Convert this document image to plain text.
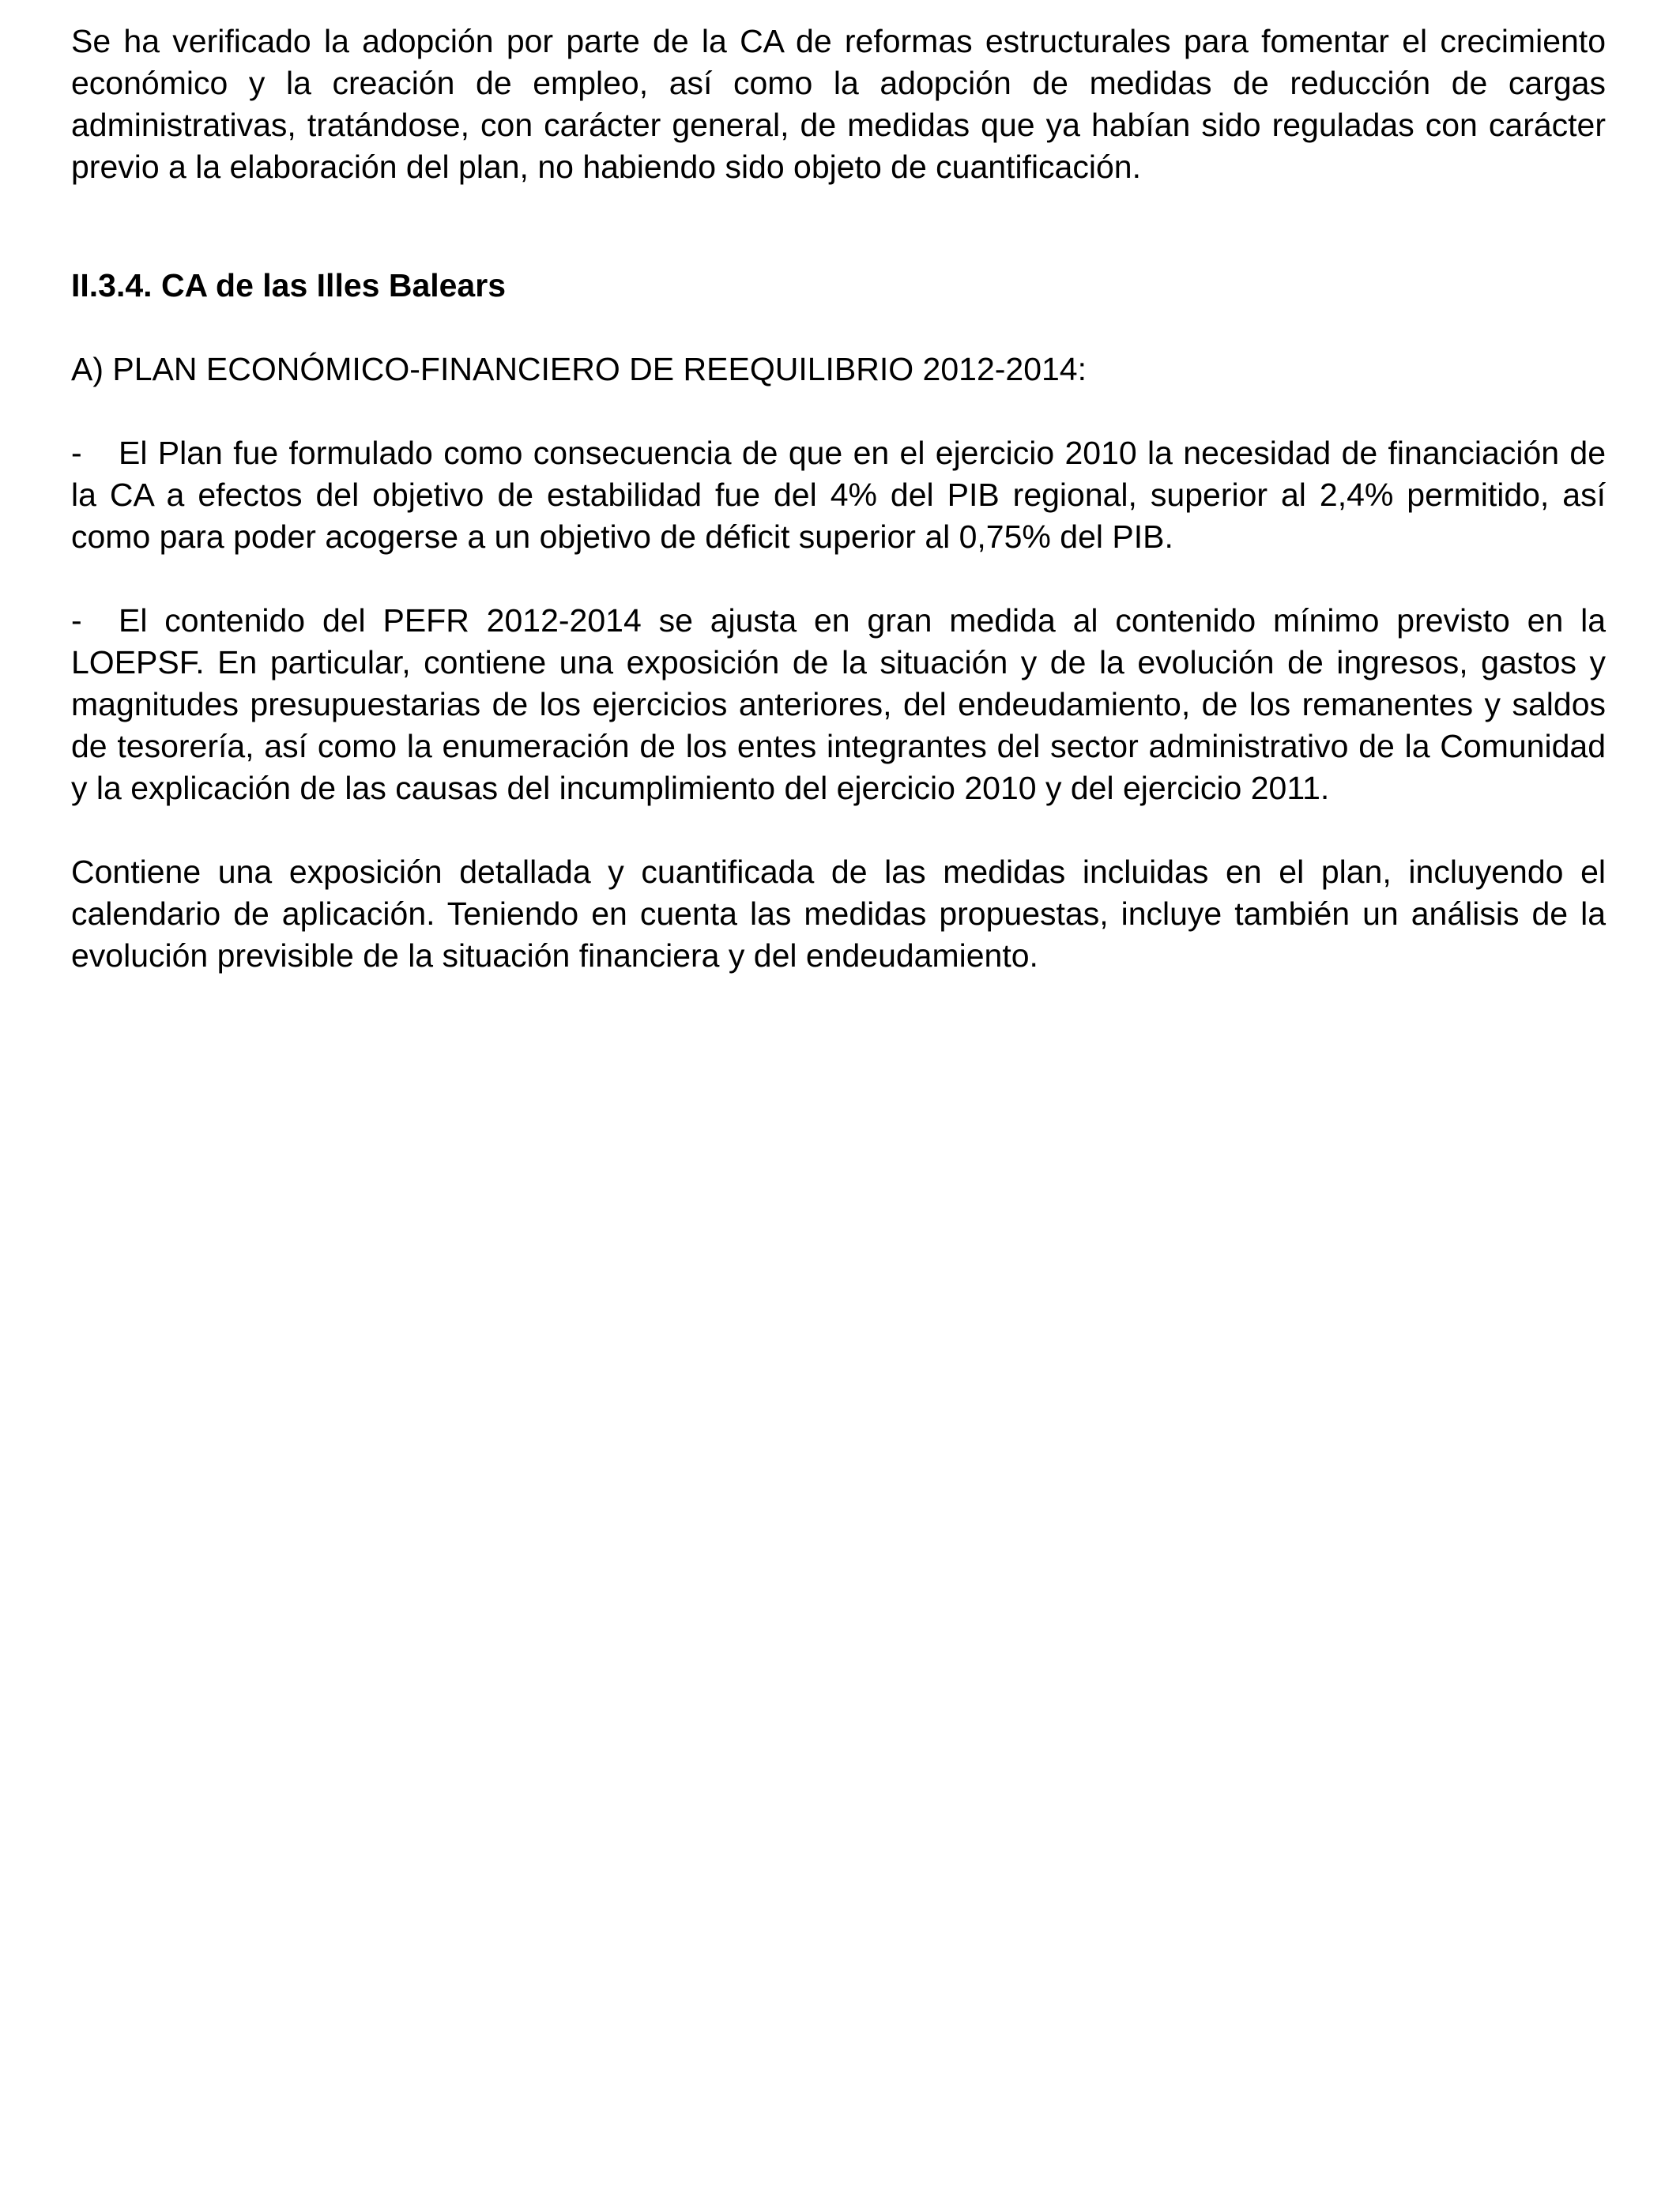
Se ha verificado la adopción por parte de la CA de reformas estructurales para fomentar el crecimiento económico y la creación de empleo, así como la adopción de medidas de reducción de cargas administrativas, tratándose, con carácter general, de medidas que ya habían sido reguladas con carácter previo a la elaboración del plan, no habiendo sido objeto de cuantificación.

II.3.4. CA de las Illes Balears

A) PLAN ECONÓMICO-FINANCIERO DE REEQUILIBRIO 2012-2014:

- El Plan fue formulado como consecuencia de que en el ejercicio 2010 la necesidad de financiación de la CA a efectos del objetivo de estabilidad fue del 4% del PIB regional, superior al 2,4% permitido, así como para poder acogerse a un objetivo de déficit superior al 0,75% del PIB.

- El contenido del PEFR 2012-2014 se ajusta en gran medida al contenido mínimo previsto en la LOEPSF. En particular, contiene una exposición de la situación y de la evolución de ingresos, gastos y magnitudes presupuestarias de los ejercicios anteriores, del endeudamiento, de los remanentes y saldos de tesorería, así como la enumeración de los entes integrantes del sector administrativo de la Comunidad y la explicación de las causas del incumplimiento del ejercicio 2010 y del ejercicio 2011.

Contiene una exposición detallada y cuantificada de las medidas incluidas en el plan, incluyendo el calendario de aplicación. Teniendo en cuenta las medidas propuestas, incluye también un análisis de la evolución previsible de la situación financiera y del endeudamiento.
